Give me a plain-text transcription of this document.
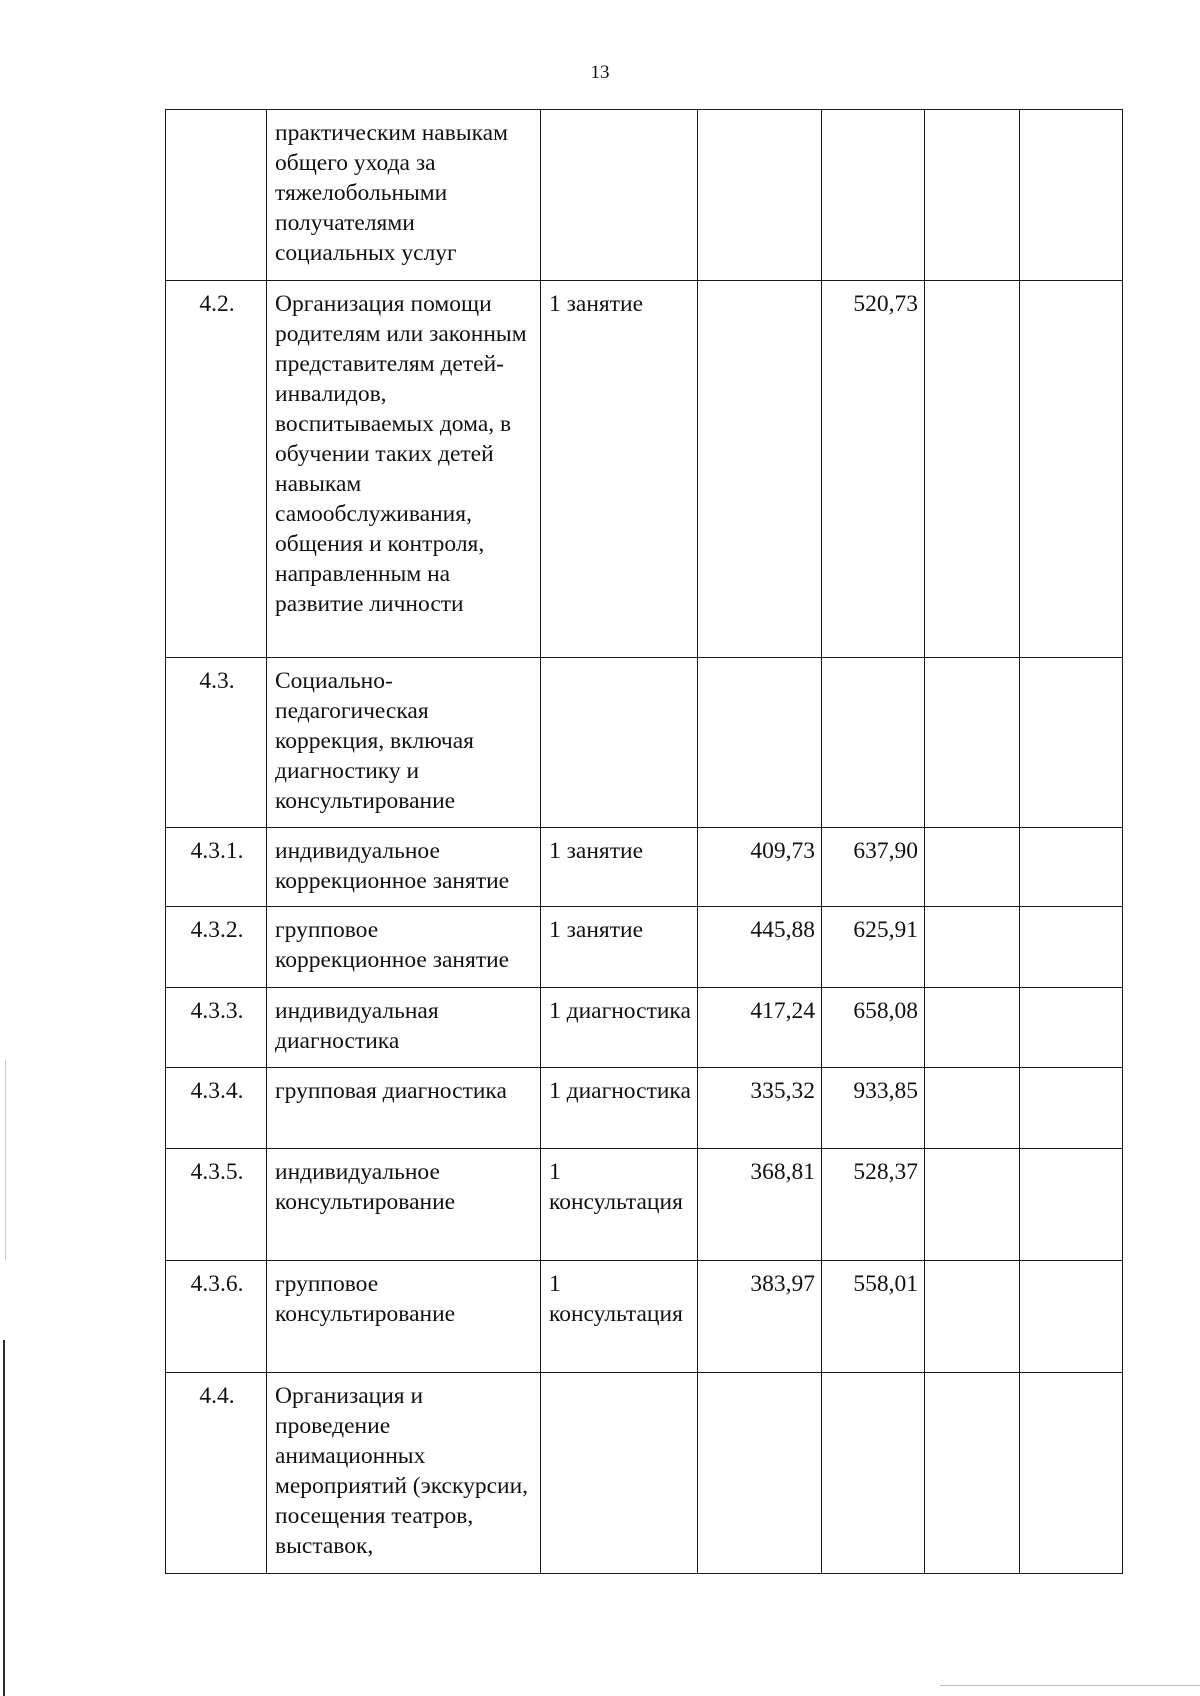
13
	практическим навыкам общего ухода за тяжелобольными получателями социальных услуг					
4.2.	Организация помощи родителям или законным представителям детей-инвалидов, воспитываемых дома, в обучении таких детей навыкам самообслуживания, общения и контроля, направленным на развитие личности	1 занятие		520,73		
4.3.	Социально-педагогическая коррекция, включая диагностику и консультирование					
4.3.1.	индивидуальное коррекционное занятие	1 занятие	409,73	637,90		
4.3.2.	групповое коррекционное занятие	1 занятие	445,88	625,91		
4.3.3.	индивидуальная диагностика	1 диагностика	417,24	658,08		
4.3.4.	групповая диагностика	1 диагностика	335,32	933,85		
4.3.5.	индивидуальное консультирование	1 консультация	368,81	528,37		
4.3.6.	групповое консультирование	1 консультация	383,97	558,01		
4.4.	Организация и проведение анимационных мероприятий (экскурсии, посещения театров, выставок,					
